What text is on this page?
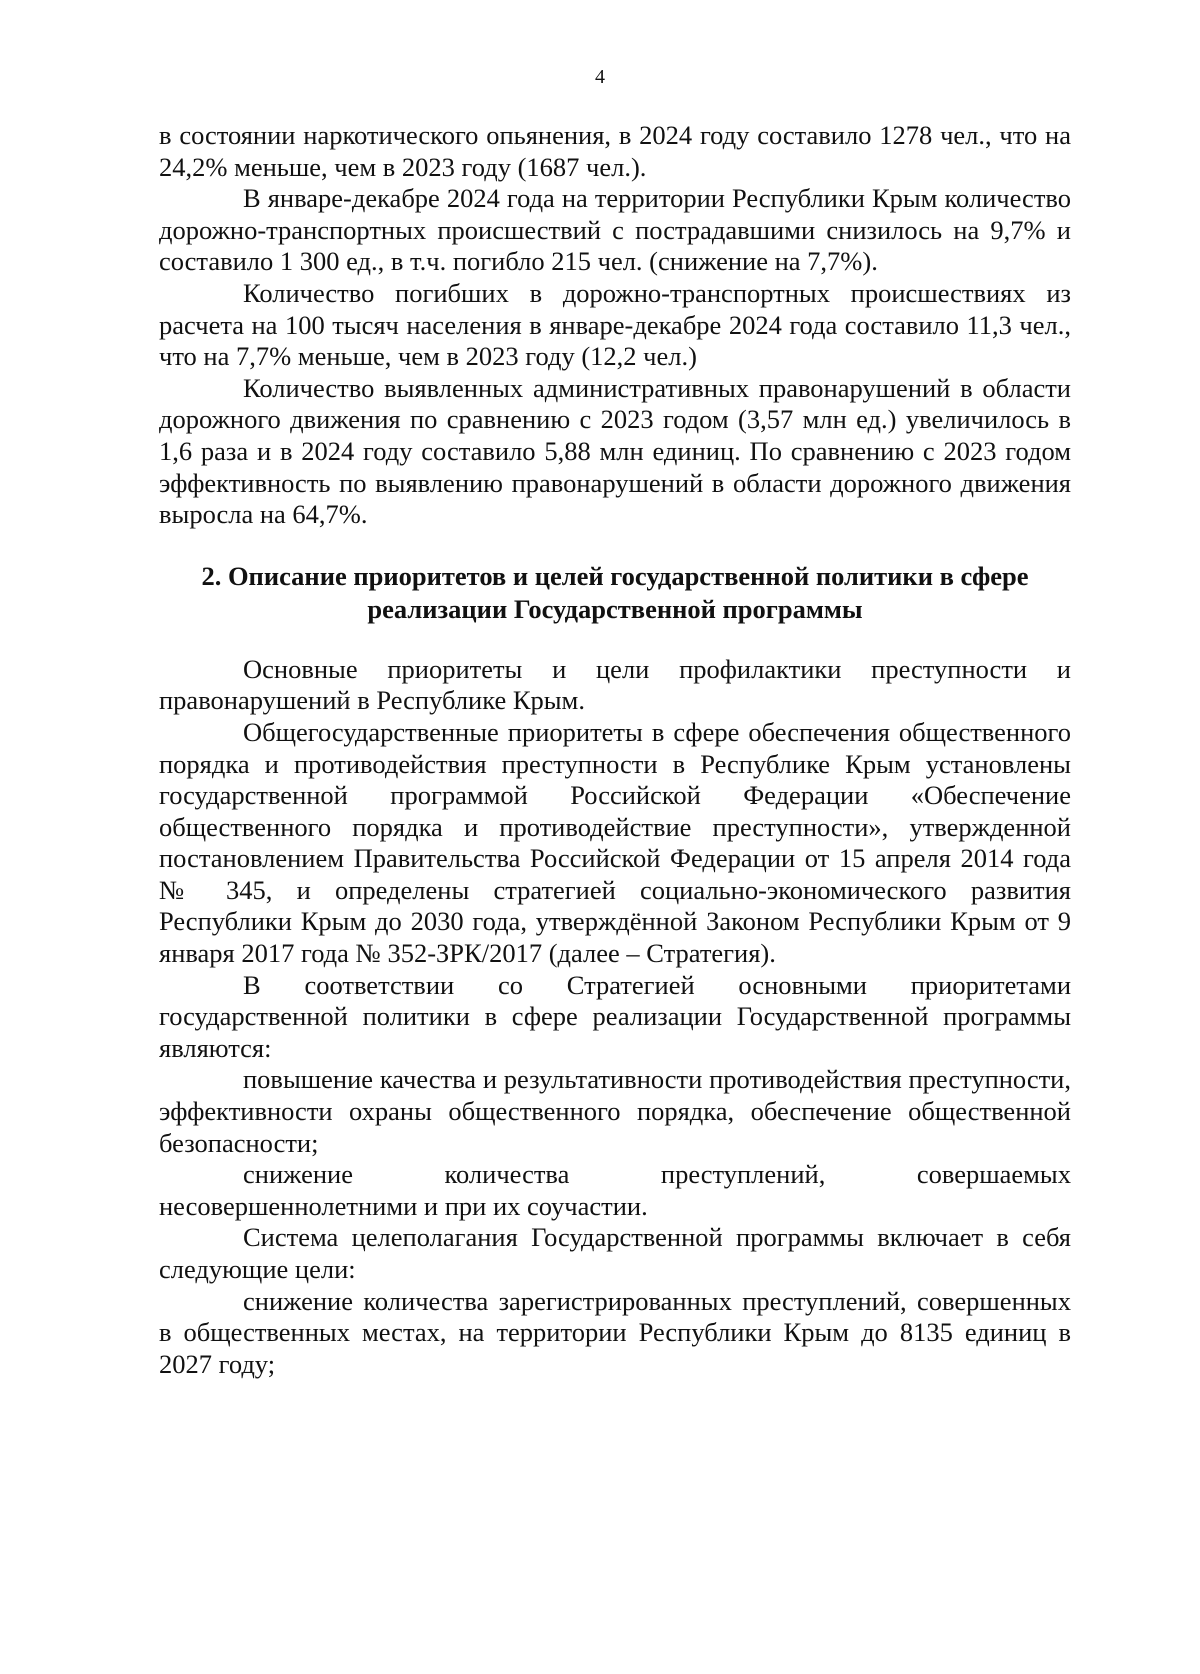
4

в состоянии наркотического опьянения, в 2024 году составило 1278 чел., что на 24,2% меньше, чем в 2023 году (1687 чел.).

В январе-декабре 2024 года на территории Республики Крым количество дорожно-транспортных происшествий с пострадавшими снизилось на 9,7% и составило 1 300 ед., в т.ч. погибло 215 чел. (снижение на 7,7%).

Количество погибших в дорожно-транспортных происшествиях из расчета на 100 тысяч населения в январе-декабре 2024 года составило 11,3 чел., что на 7,7% меньше, чем в 2023 году (12,2 чел.)

Количество выявленных административных правонарушений в области дорожного движения по сравнению с 2023 годом (3,57 млн ед.) увеличилось в 1,6 раза и в 2024 году составило 5,88 млн единиц. По сравнению с 2023 годом эффективность по выявлению правонарушений в области дорожного движения выросла на 64,7%.

2. Описание приоритетов и целей государственной политики в сфере реализации Государственной программы

Основные приоритеты и цели профилактики преступности и правонарушений в Республике Крым.

Общегосударственные приоритеты в сфере обеспечения общественного порядка и противодействия преступности в Республике Крым установлены государственной программой Российской Федерации «Обеспечение общественного порядка и противодействие преступности», утвержденной постановлением Правительства Российской Федерации от 15 апреля 2014 года № 345, и определены стратегией социально-экономического развития Республики Крым до 2030 года, утверждённой Законом Республики Крым от 9 января 2017 года № 352-ЗРК/2017 (далее – Стратегия).

В соответствии со Стратегией основными приоритетами государственной политики в сфере реализации Государственной программы являются:

повышение качества и результативности противодействия преступности, эффективности охраны общественного порядка, обеспечение общественной безопасности;

снижение количества преступлений, совершаемых несовершеннолетними и при их соучастии.

Система целеполагания Государственной программы включает в себя следующие цели:

снижение количества зарегистрированных преступлений, совершенных в общественных местах, на территории Республики Крым до 8135 единиц в 2027 году;
